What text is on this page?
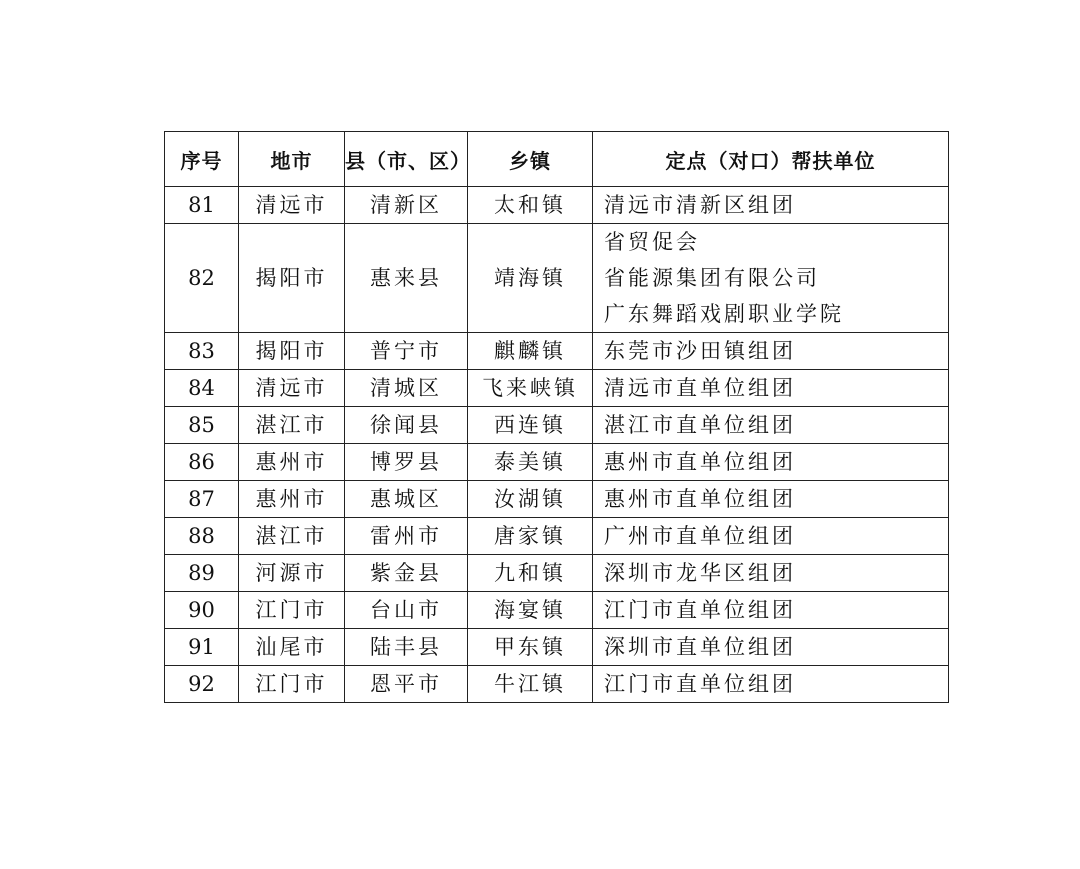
序号	地市	县（市、区）	乡镇	定点（对口）帮扶单位
81	清远市	清新区	太和镇	清远市清新区组团

82	揭阳市	惠来县	靖海镇	省贸促会
省能源集团有限公司
广东舞蹈戏剧职业学院

83	揭阳市	普宁市	麒麟镇	东莞市沙田镇组团

84	清远市	清城区	飞来峡镇	清远市直单位组团

85	湛江市	徐闻县	西连镇	湛江市直单位组团

86	惠州市	博罗县	泰美镇	惠州市直单位组团

87	惠州市	惠城区	汝湖镇	惠州市直单位组团

88	湛江市	雷州市	唐家镇	广州市直单位组团

89	河源市	紫金县	九和镇	深圳市龙华区组团

90	江门市	台山市	海宴镇	江门市直单位组团

91	汕尾市	陆丰县	甲东镇	深圳市直单位组团

92	江门市	恩平市	牛江镇	江门市直单位组团
